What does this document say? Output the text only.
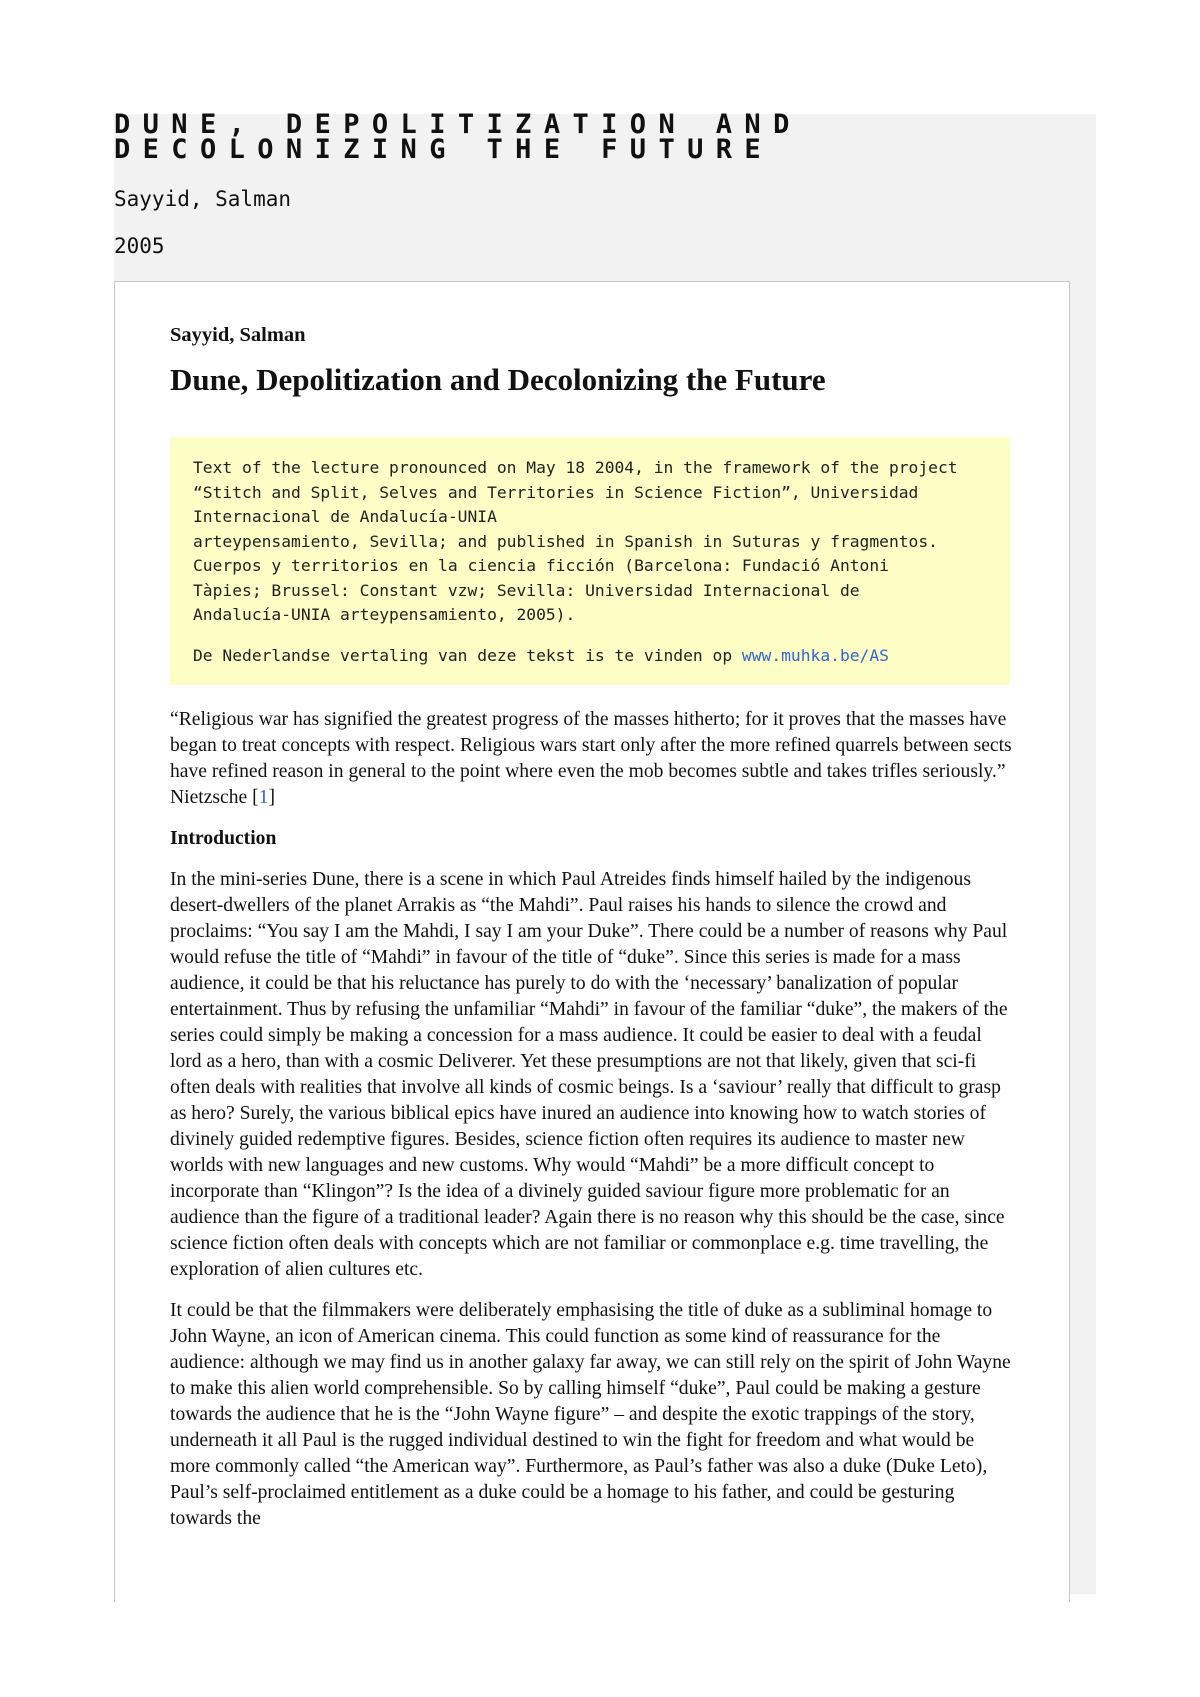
DUNE, DEPOLITIZATION AND DECOLONIZING THE FUTURE

Sayyid, Salman

2005

Sayyid, Salman

Dune, Depolitization and Decolonizing the Future

Text of the lecture pronounced on May 18 2004, in the framework of the project
“Stitch and Split, Selves and Territories in Science Fiction”, Universidad
Internacional de Andalucía-UNIA
arteypensamiento, Sevilla; and published in Spanish in Suturas y fragmentos.
Cuerpos y territorios en la ciencia ficción (Barcelona: Fundació Antoni
Tàpies; Brussel: Constant vzw; Sevilla: Universidad Internacional de
Andalucía-UNIA arteypensamiento, 2005).

De Nederlandse vertaling van deze tekst is te vinden op www.muhka.be/AS

“Religious war has signified the greatest progress of the masses hitherto; for it proves that the masses have began to treat concepts with respect. Religious wars start only after the more refined quarrels between sects have refined reason in general to the point where even the mob becomes subtle and takes trifles seriously.” Nietzsche [1]

Introduction

In the mini-series Dune, there is a scene in which Paul Atreides finds himself hailed by the indigenous desert-dwellers of the planet Arrakis as “the Mahdi”. Paul raises his hands to silence the crowd and proclaims: “You say I am the Mahdi, I say I am your Duke”. There could be a number of reasons why Paul would refuse the title of “Mahdi” in favour of the title of “duke”. Since this series is made for a mass audience, it could be that his reluctance has purely to do with the ‘necessary’ banalization of popular entertainment. Thus by refusing the unfamiliar “Mahdi” in favour of the familiar “duke”, the makers of the series could simply be making a concession for a mass audience. It could be easier to deal with a feudal lord as a hero, than with a cosmic Deliverer. Yet these presumptions are not that likely, given that sci-fi often deals with realities that involve all kinds of cosmic beings. Is a ‘saviour’ really that difficult to grasp as hero? Surely, the various biblical epics have inured an audience into knowing how to watch stories of divinely guided redemptive figures. Besides, science fiction often requires its audience to master new worlds with new languages and new customs. Why would “Mahdi” be a more difficult concept to incorporate than “Klingon”? Is the idea of a divinely guided saviour figure more problematic for an audience than the figure of a traditional leader? Again there is no reason why this should be the case, since science fiction often deals with concepts which are not familiar or commonplace e.g. time travelling, the exploration of alien cultures etc.

It could be that the filmmakers were deliberately emphasising the title of duke as a subliminal homage to John Wayne, an icon of American cinema. This could function as some kind of reassurance for the audience: although we may find us in another galaxy far away, we can still rely on the spirit of John Wayne to make this alien world comprehensible. So by calling himself “duke”, Paul could be making a gesture towards the audience that he is the “John Wayne figure” – and despite the exotic trappings of the story, underneath it all Paul is the rugged individual destined to win the fight for freedom and what would be more commonly called “the American way”. Furthermore, as Paul’s father was also a duke (Duke Leto), Paul’s self-proclaimed entitlement as a duke could be a homage to his father, and could be gesturing towards the
